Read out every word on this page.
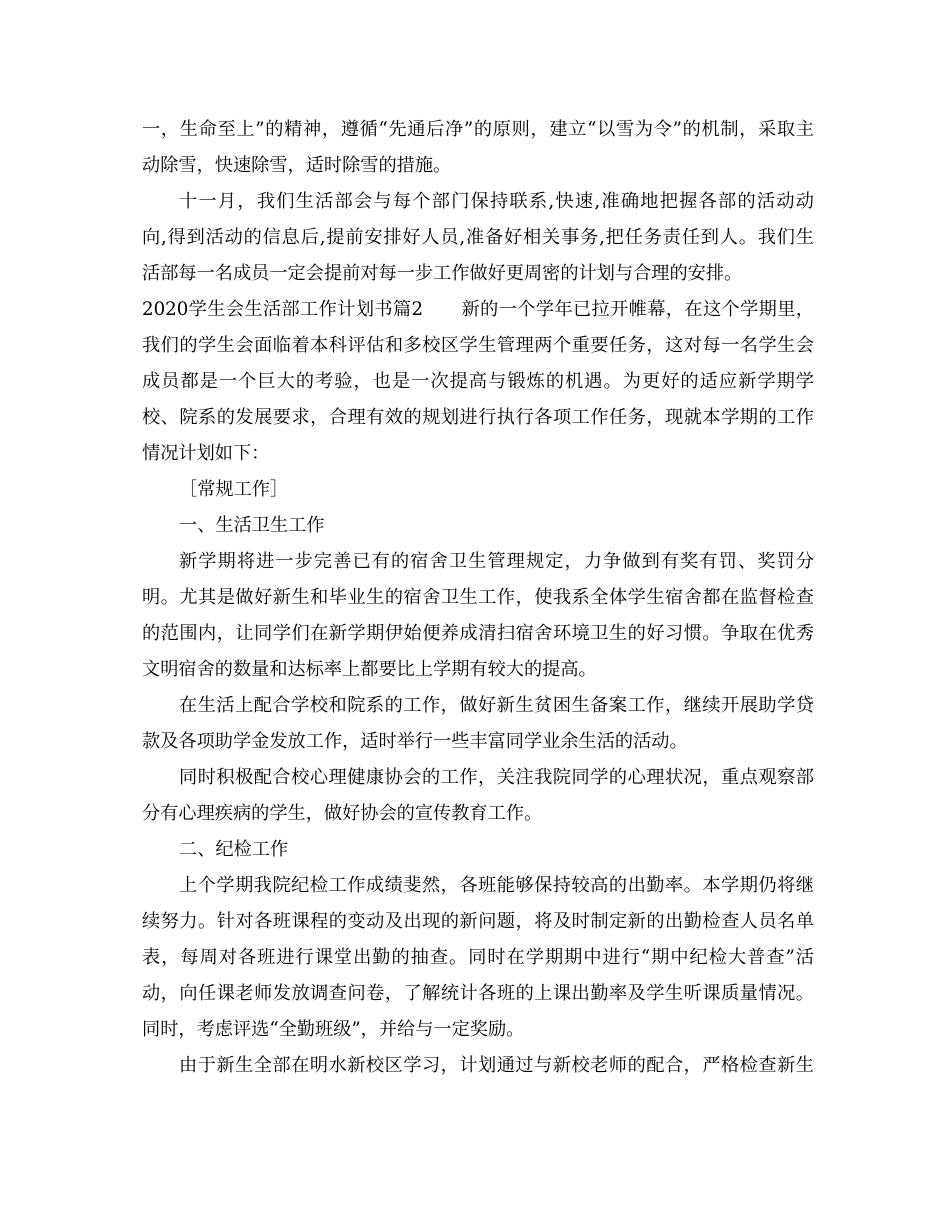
一，生命至上”的精神，遵循“先通后净”的原则，建立“以雪为令”的机制，采取主
动除雪，快速除雪，适时除雪的措施。
十一月，我们生活部会与每个部门保持联系,快速,准确地把握各部的活动动
向,得到活动的信息后,提前安排好人员,准备好相关事务,把任务责任到人。我们生
活部每一名成员一定会提前对每一步工作做好更周密的计划与合理的安排。
2020学生会生活部工作计划书篇2 新的一个学年已拉开帷幕，在这个学期里，
我们的学生会面临着本科评估和多校区学生管理两个重要任务，这对每一名学生会
成员都是一个巨大的考验，也是一次提高与锻炼的机遇。为更好的适应新学期学
校、院系的发展要求，合理有效的规划进行执行各项工作任务，现就本学期的工作
情况计划如下：
［常规工作］
一、生活卫生工作
新学期将进一步完善已有的宿舍卫生管理规定，力争做到有奖有罚、奖罚分
明。尤其是做好新生和毕业生的宿舍卫生工作，使我系全体学生宿舍都在监督检查
的范围内，让同学们在新学期伊始便养成清扫宿舍环境卫生的好习惯。争取在优秀
文明宿舍的数量和达标率上都要比上学期有较大的提高。
在生活上配合学校和院系的工作，做好新生贫困生备案工作，继续开展助学贷
款及各项助学金发放工作，适时举行一些丰富同学业余生活的活动。
同时积极配合校心理健康协会的工作，关注我院同学的心理状况，重点观察部
分有心理疾病的学生，做好协会的宣传教育工作。
二、纪检工作
上个学期我院纪检工作成绩斐然，各班能够保持较高的出勤率。本学期仍将继
续努力。针对各班课程的变动及出现的新问题，将及时制定新的出勤检查人员名单
表，每周对各班进行课堂出勤的抽查。同时在学期期中进行“期中纪检大普查”活
动，向任课老师发放调查问卷，了解统计各班的上课出勤率及学生听课质量情况。
同时，考虑评选“全勤班级”，并给与一定奖励。
由于新生全部在明水新校区学习，计划通过与新校老师的配合，严格检查新生
